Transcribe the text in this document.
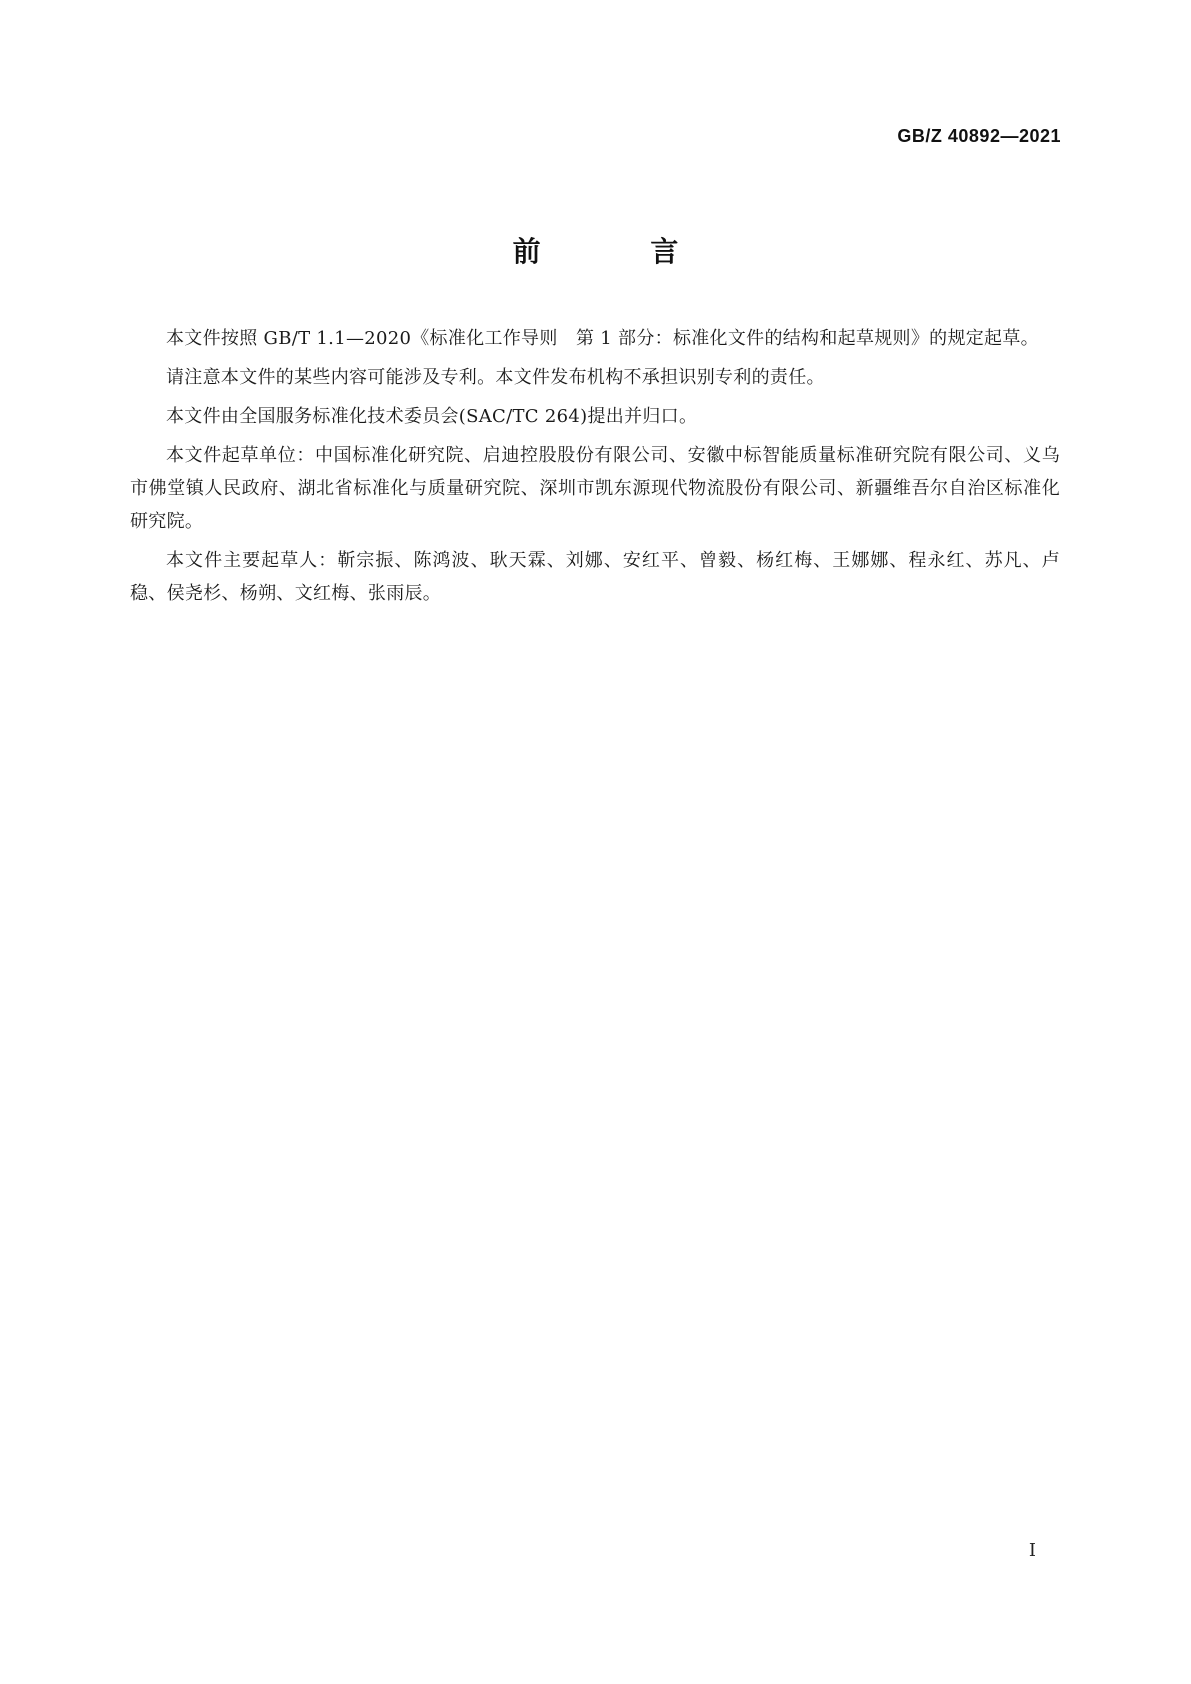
GB/Z 40892—2021
前 言

本文件按照 GB/T 1.1—2020《标准化工作导则　第 1 部分：标准化文件的结构和起草规则》的规定起草。

请注意本文件的某些内容可能涉及专利。本文件发布机构不承担识别专利的责任。

本文件由全国服务标准化技术委员会(SAC/TC 264)提出并归口。

本文件起草单位：中国标准化研究院、启迪控股股份有限公司、安徽中标智能质量标准研究院有限公司、义乌市佛堂镇人民政府、湖北省标准化与质量研究院、深圳市凯东源现代物流股份有限公司、新疆维吾尔自治区标准化研究院。

本文件主要起草人：靳宗振、陈鸿波、耿天霖、刘娜、安红平、曾毅、杨红梅、王娜娜、程永红、苏凡、卢稳、侯尧杉、杨朔、文红梅、张雨辰。

I
